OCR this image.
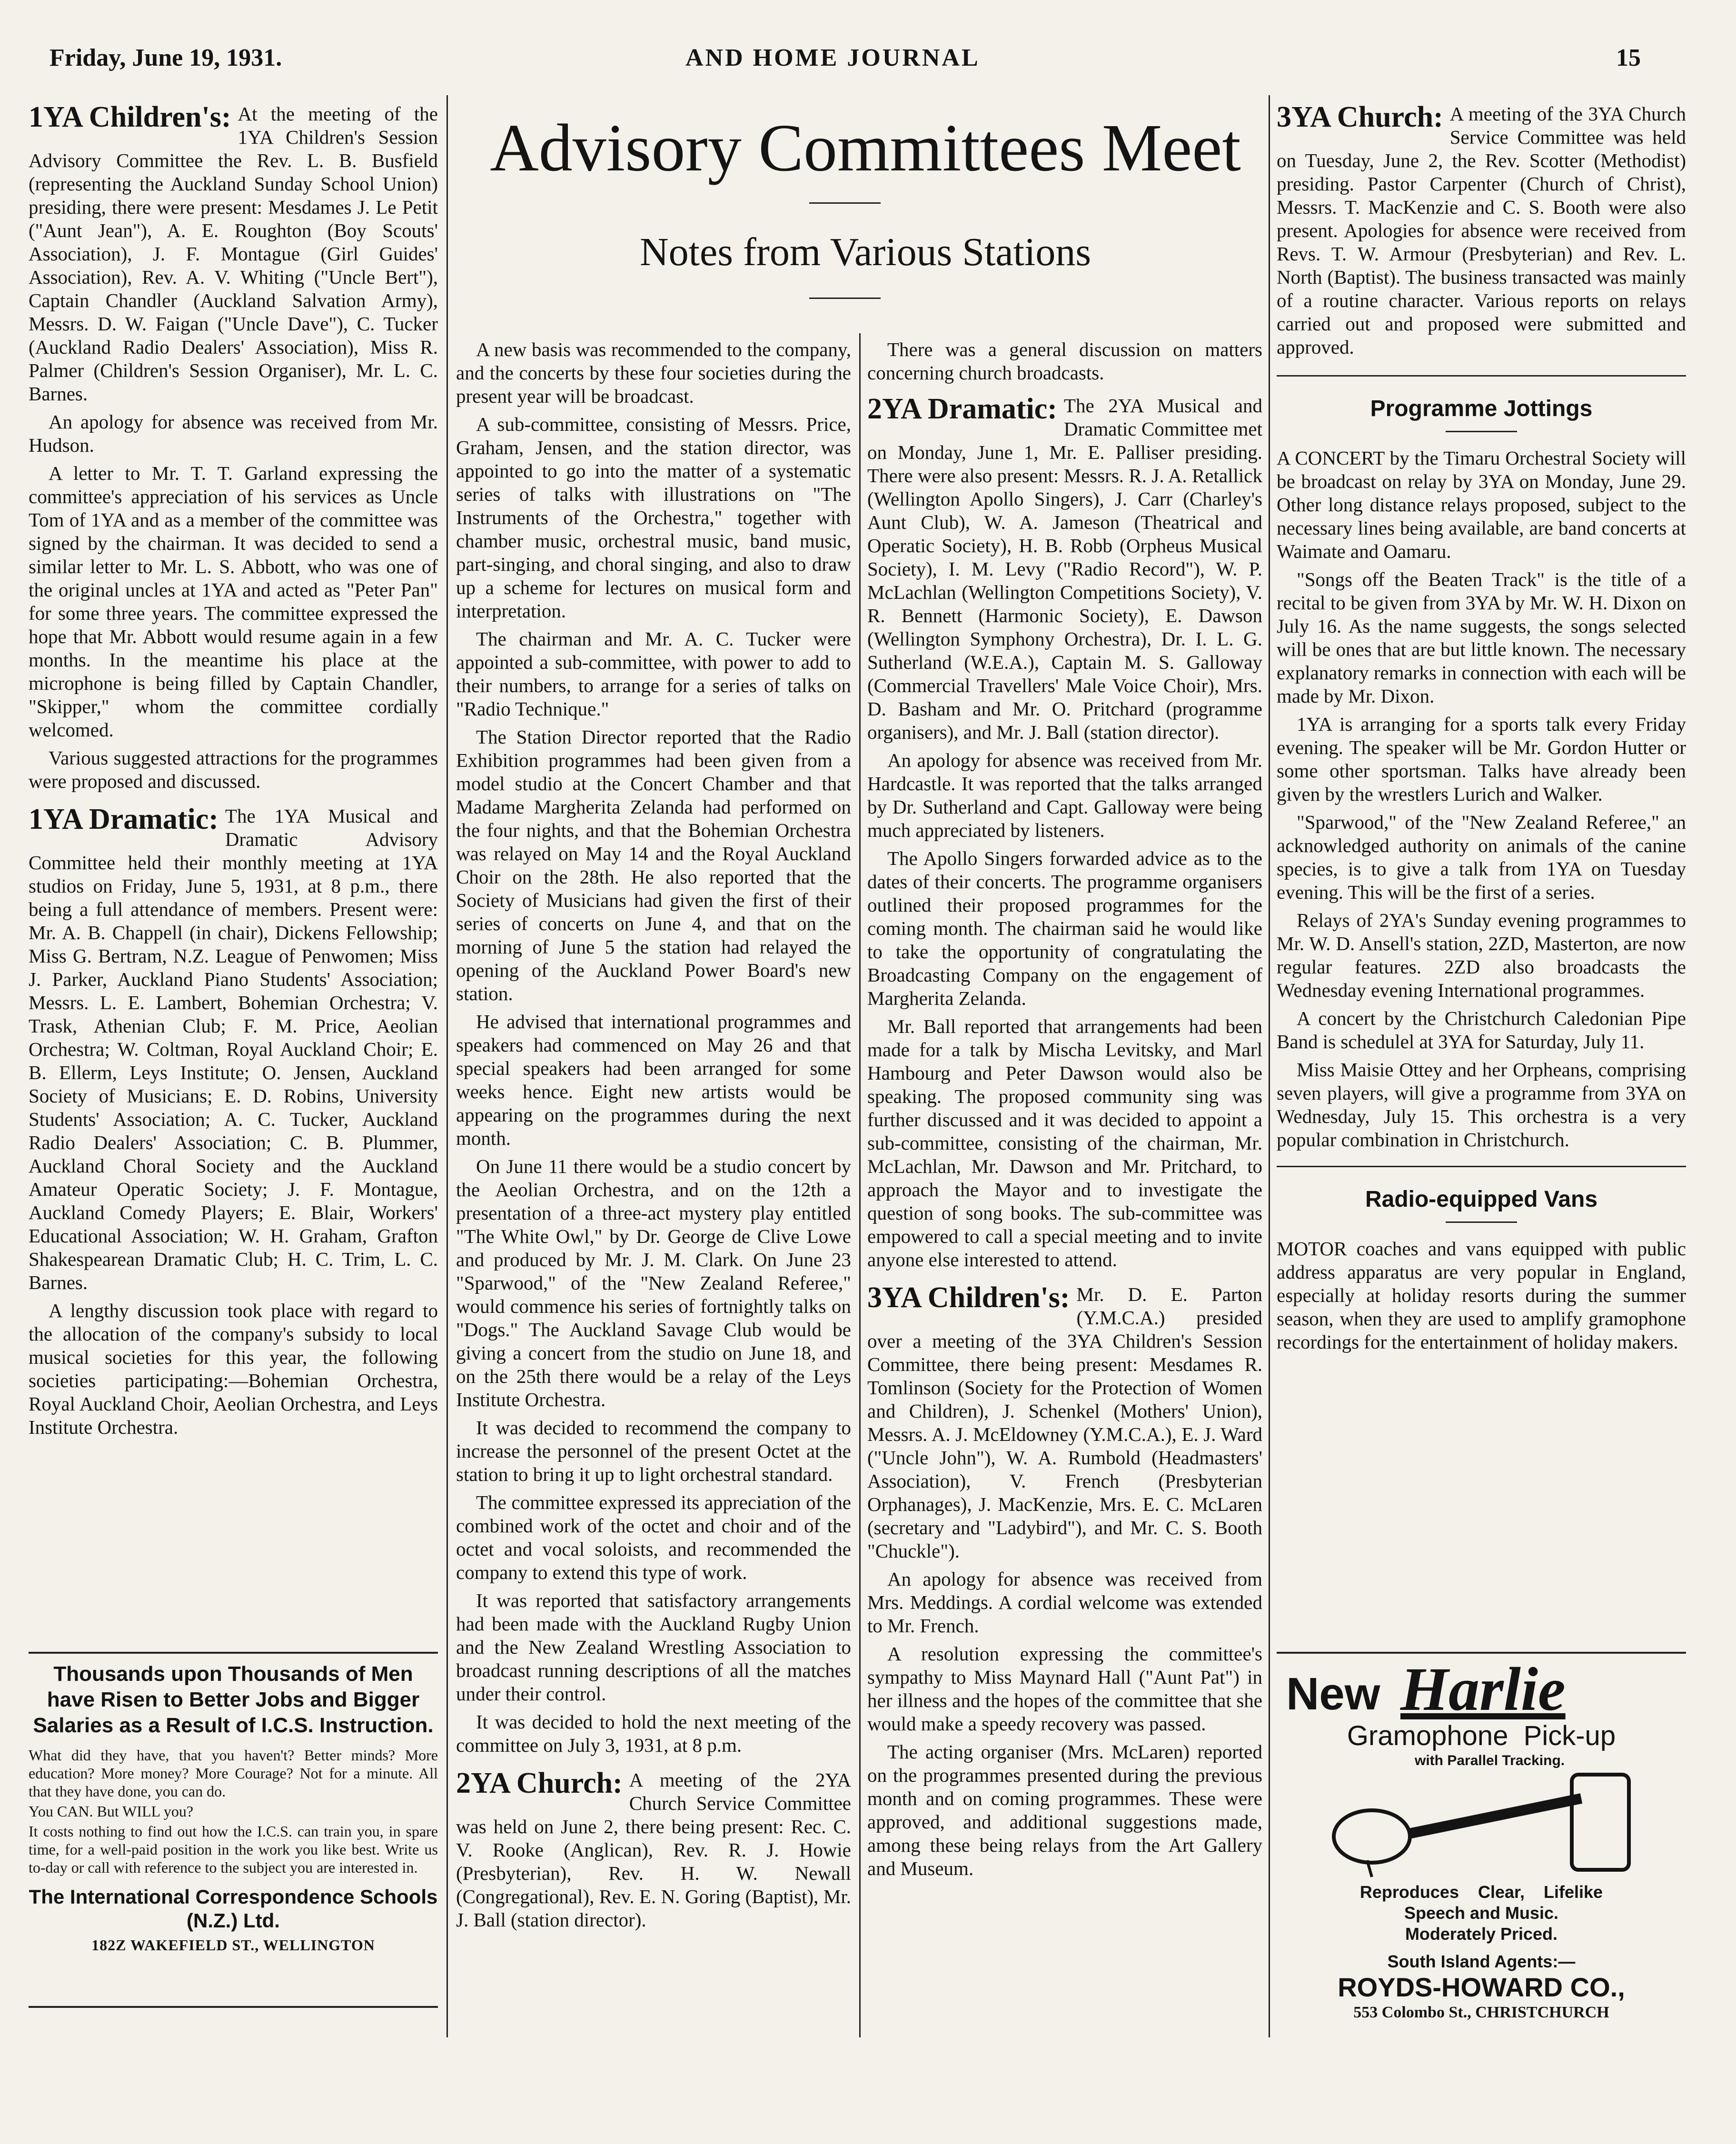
Friday, June 19, 1931.	AND HOME JOURNAL	15
Advisory Committees Meet
Notes from Various Stations
1YA Children's: At the meeting of the 1YA Children's Session Advisory Committee the Rev. L. B. Busfield (representing the Auckland Sunday School Union) presiding, there were present: Mesdames J. Le Petit ("Aunt Jean"), A. E. Roughton (Boy Scouts' Association), J. F. Montague (Girl Guides' Association), Rev. A. V. Whiting ("Uncle Bert"), Captain Chandler (Auckland Salvation Army), Messrs. D. W. Faigan ("Uncle Dave"), C. Tucker (Auckland Radio Dealers' Association), Miss R. Palmer (Children's Session Organiser), Mr. L. C. Barnes.

An apology for absence was received from Mr. Hudson.

A letter to Mr. T. T. Garland expressing the committee's appreciation of his services as Uncle Tom of 1YA and as a member of the committee was signed by the chairman. It was decided to send a similar letter to Mr. L. S. Abbott, who was one of the original uncles at 1YA and acted as "Peter Pan" for some three years. The committee expressed the hope that Mr. Abbott would resume again in a few months. In the meantime his place at the microphone is being filled by Captain Chandler, "Skipper," whom the committee cordially welcomed.

Various suggested attractions for the programmes were proposed and discussed.

1YA Dramatic: The 1YA Musical and Dramatic Advisory Committee held their monthly meeting at 1YA studios on Friday, June 5, 1931, at 8 p.m., there being a full attendance of members. Present were: Mr. A. B. Chappell (in chair), Dickens Fellowship; Miss G. Bertram, N.Z. League of Penwomen; Miss J. Parker, Auckland Piano Students' Association; Messrs. L. E. Lambert, Bohemian Orchestra; V. Trask, Athenian Club; F. M. Price, Aeolian Orchestra; W. Coltman, Royal Auckland Choir; E. B. Ellerm, Leys Institute; O. Jensen, Auckland Society of Musicians; E. D. Robins, University Students' Association; A. C. Tucker, Auckland Radio Dealers' Association; C. B. Plummer, Auckland Choral Society and the Auckland Amateur Operatic Society; J. F. Montague, Auckland Comedy Players; E. Blair, Workers' Educational Association; W. H. Graham, Grafton Shakespearean Dramatic Club; H. C. Trim, L. C. Barnes.

A lengthy discussion took place with regard to the allocation of the company's subsidy to local musical societies for this year, the following societies participating:—Bohemian Orchestra, Royal Auckland Choir, Aeolian Orchestra, and Leys Institute Orchestra.

Thousands upon Thousands of Men have Risen to Better Jobs and Bigger Salaries as a Result of I.C.S. Instruction.
What did they have, that you haven't? Better minds? More education? More money? More Courage? Not for a minute. All that they have done, you can do.
You CAN. But WILL you?
It costs nothing to find out how the I.C.S. can train you, in spare time, for a well-paid position in the work you like best. Write us to-day or call with reference to the subject you are interested in.
The International Correspondence Schools (N.Z.) Ltd.
182Z WAKEFIELD ST., WELLINGTON

A new basis was recommended to the company, and the concerts by these four societies during the present year will be broadcast.

A sub-committee, consisting of Messrs. Price, Graham, Jensen, and the station director, was appointed to go into the matter of a systematic series of talks with illustrations on "The Instruments of the Orchestra," together with chamber music, orchestral music, band music, part-singing, and choral singing, and also to draw up a scheme for lectures on musical form and interpretation.

The chairman and Mr. A. C. Tucker were appointed a sub-committee, with power to add to their numbers, to arrange for a series of talks on "Radio Technique."

The Station Director reported that the Radio Exhibition programmes had been given from a model studio at the Concert Chamber and that Madame Margherita Zelanda had performed on the four nights, and that the Bohemian Orchestra was relayed on May 14 and the Royal Auckland Choir on the 28th. He also reported that the Society of Musicians had given the first of their series of concerts on June 4, and that on the morning of June 5 the station had relayed the opening of the Auckland Power Board's new station.

He advised that international programmes and speakers had commenced on May 26 and that special speakers had been arranged for some weeks hence. Eight new artists would be appearing on the programmes during the next month.

On June 11 there would be a studio concert by the Aeolian Orchestra, and on the 12th a presentation of a three-act mystery play entitled "The White Owl," by Dr. George de Clive Lowe and produced by Mr. J. M. Clark. On June 23 "Sparwood," of the "New Zealand Referee," would commence his series of fortnightly talks on "Dogs." The Auckland Savage Club would be giving a concert from the studio on June 18, and on the 25th there would be a relay of the Leys Institute Orchestra.

It was decided to recommend the company to increase the personnel of the present Octet at the station to bring it up to light orchestral standard.

The committee expressed its appreciation of the combined work of the octet and choir and of the octet and vocal soloists, and recommended the company to extend this type of work.

It was reported that satisfactory arrangements had been made with the Auckland Rugby Union and the New Zealand Wrestling Association to broadcast running descriptions of all the matches under their control.

It was decided to hold the next meeting of the committee on July 3, 1931, at 8 p.m.

2YA Church: A meeting of the 2YA Church Service Committee was held on June 2, there being present: Rec. C. V. Rooke (Anglican), Rev. R. J. Howie (Presbyterian), Rev. H. W. Newall (Congregational), Rev. E. N. Goring (Baptist), Mr. J. Ball (station director).

There was a general discussion on matters concerning church broadcasts.

2YA Dramatic: The 2YA Musical and Dramatic Committee met on Monday, June 1, Mr. E. Palliser presiding. There were also present: Messrs. R. J. A. Retallick (Wellington Apollo Singers), J. Carr (Charley's Aunt Club), W. A. Jameson (Theatrical and Operatic Society), H. B. Robb (Orpheus Musical Society), I. M. Levy ("Radio Record"), W. P. McLachlan (Wellington Competitions Society), V. R. Bennett (Harmonic Society), E. Dawson (Wellington Symphony Orchestra), Dr. I. L. G. Sutherland (W.E.A.), Captain M. S. Galloway (Commercial Travellers' Male Voice Choir), Mrs. D. Basham and Mr. O. Pritchard (programme organisers), and Mr. J. Ball (station director).

An apology for absence was received from Mr. Hardcastle. It was reported that the talks arranged by Dr. Sutherland and Capt. Galloway were being much appreciated by listeners.

The Apollo Singers forwarded advice as to the dates of their concerts. The programme organisers outlined their proposed programmes for the coming month. The chairman said he would like to take the opportunity of congratulating the Broadcasting Company on the engagement of Margherita Zelanda.

Mr. Ball reported that arrangements had been made for a talk by Mischa Levitsky, and Marl Hambourg and Peter Dawson would also be speaking. The proposed community sing was further discussed and it was decided to appoint a sub-committee, consisting of the chairman, Mr. McLachlan, Mr. Dawson and Mr. Pritchard, to approach the Mayor and to investigate the question of song books. The sub-committee was empowered to call a special meeting and to invite anyone else interested to attend.

3YA Children's: Mr. D. E. Parton (Y.M.C.A.) presided over a meeting of the 3YA Children's Session Committee, there being present: Mesdames R. Tomlinson (Society for the Protection of Women and Children), J. Schenkel (Mothers' Union), Messrs. A. J. McEldowney (Y.M.C.A.), E. J. Ward ("Uncle John"), W. A. Rumbold (Headmasters' Association), V. French (Presbyterian Orphanages), J. MacKenzie, Mrs. E. C. McLaren (secretary and "Ladybird"), and Mr. C. S. Booth "Chuckle").

An apology for absence was received from Mrs. Meddings. A cordial welcome was extended to Mr. French.

A resolution expressing the committee's sympathy to Miss Maynard Hall ("Aunt Pat") in her illness and the hopes of the committee that she would make a speedy recovery was passed.

The acting organiser (Mrs. McLaren) reported on the programmes presented during the previous month and on coming programmes. These were approved, and additional suggestions made, among these being relays from the Art Gallery and Museum.

3YA Church: A meeting of the 3YA Church Service Committee was held on Tuesday, June 2, the Rev. Scotter (Methodist) presiding. Pastor Carpenter (Church of Christ), Messrs. T. MacKenzie and C. S. Booth were also present. Apologies for absence were received from Revs. T. W. Armour (Presbyterian) and Rev. L. North (Baptist). The business transacted was mainly of a routine character. Various reports on relays carried out and proposed were submitted and approved.

Programme Jottings

A CONCERT by the Timaru Orchestral Society will be broadcast on relay by 3YA on Monday, June 29. Other long distance relays proposed, subject to the necessary lines being available, are band concerts at Waimate and Oamaru.

"Songs off the Beaten Track" is the title of a recital to be given from 3YA by Mr. W. H. Dixon on July 16. As the name suggests, the songs selected will be ones that are but little known. The necessary explanatory remarks in connection with each will be made by Mr. Dixon.

1YA is arranging for a sports talk every Friday evening. The speaker will be Mr. Gordon Hutter or some other sportsman. Talks have already been given by the wrestlers Lurich and Walker.

"Sparwood," of the "New Zealand Referee," an acknowledged authority on animals of the canine species, is to give a talk from 1YA on Tuesday evening. This will be the first of a series.

Relays of 2YA's Sunday evening programmes to Mr. W. D. Ansell's station, 2ZD, Masterton, are now regular features. 2ZD also broadcasts the Wednesday evening International programmes.

A concert by the Christchurch Caledonian Pipe Band is schedulel at 3YA for Saturday, July 11.

Miss Maisie Ottey and her Orpheans, comprising seven players, will give a programme from 3YA on Wednesday, July 15. This orchestra is a very popular combination in Christchurch.

Radio-equipped Vans

MOTOR coaches and vans equipped with public address apparatus are very popular in England, especially at holiday resorts during the summer season, when they are used to amplify gramophone recordings for the entertainment of holiday makers.

New Harlie
Gramophone  Pick-up
with Parallel Tracking.
Reproduces Clear, Lifelike
Speech and Music.
Moderately Priced.
South Island Agents:—
ROYDS-HOWARD CO.,
553 Colombo St., CHRISTCHURCH
